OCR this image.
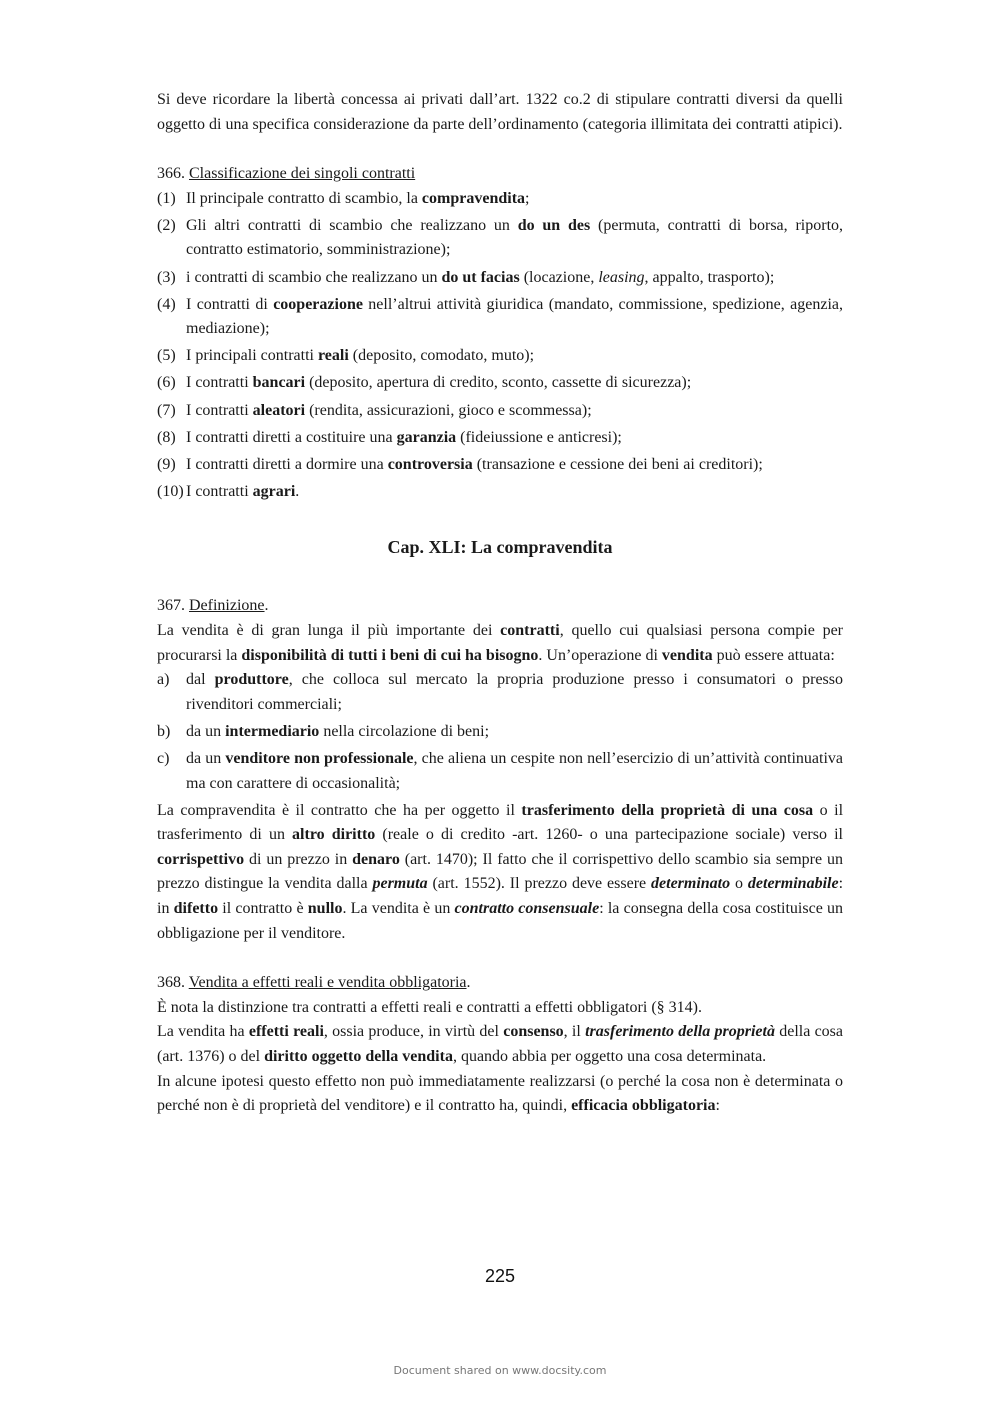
Si deve ricordare la libertà concessa ai privati dall’art. 1322 co.2 di stipulare contratti diversi da quelli oggetto di una specifica considerazione da parte dell’ordinamento (categoria illimitata dei contratti atipici).

366. Classificazione dei singoli contratti
(1) Il principale contratto di scambio, la compravendita;
(2) Gli altri contratti di scambio che realizzano un do un des (permuta, contratti di borsa, riporto, contratto estimatorio, somministrazione);
(3) i contratti di scambio che realizzano un do ut facias (locazione, leasing, appalto, trasporto);
(4) I contratti di cooperazione nell’altrui attività giuridica (mandato, commissione, spedizione, agenzia, mediazione);
(5) I principali contratti reali (deposito, comodato, muto);
(6) I contratti bancari (deposito, apertura di credito, sconto, cassette di sicurezza);
(7) I contratti aleatori (rendita, assicurazioni, gioco e scommessa);
(8) I contratti diretti a costituire una garanzia (fideiussione e anticresi);
(9) I contratti diretti a dormire una controversia (transazione e cessione dei beni ai creditori);
(10) I contratti agrari.
Cap. XLI: La compravendita
367. Definizione.

La vendita è di gran lunga il più importante dei contratti, quello cui qualsiasi persona compie per procurarsi la disponibilità di tutti i beni di cui ha bisogno. Un’operazione di vendita può essere attuata:

a) dal produttore, che colloca sul mercato la propria produzione presso i consumatori o presso rivenditori commerciali;
b) da un intermediario nella circolazione di beni;
c) da un venditore non professionale, che aliena un cespite non nell’esercizio di un’attività continuativa ma con carattere di occasionalità;

La compravendita è il contratto che ha per oggetto il trasferimento della proprietà di una cosa o il trasferimento di un altro diritto (reale o di credito -art. 1260- o una partecipazione sociale) verso il corrispettivo di un prezzo in denaro (art. 1470); Il fatto che il corrispettivo dello scambio sia sempre un prezzo distingue la vendita dalla permuta (art. 1552). Il prezzo deve essere determinato o determinabile: in difetto il contratto è nullo. La vendita è un contratto consensuale: la consegna della cosa costituisce un obbligazione per il venditore.

368. Vendita a effetti reali e vendita obbligatoria.

È nota la distinzione tra contratti a effetti reali e contratti a effetti obbligatori (§ 314).

La vendita ha effetti reali, ossia produce, in virtù del consenso, il trasferimento della proprietà della cosa (art. 1376) o del diritto oggetto della vendita, quando abbia per oggetto una cosa determinata.

In alcune ipotesi questo effetto non può immediatamente realizzarsi (o perché la cosa non è determinata o perché non è di proprietà del venditore) e il contratto ha, quindi, efficacia obbligatoria:

225
Document shared on www.docsity.com
